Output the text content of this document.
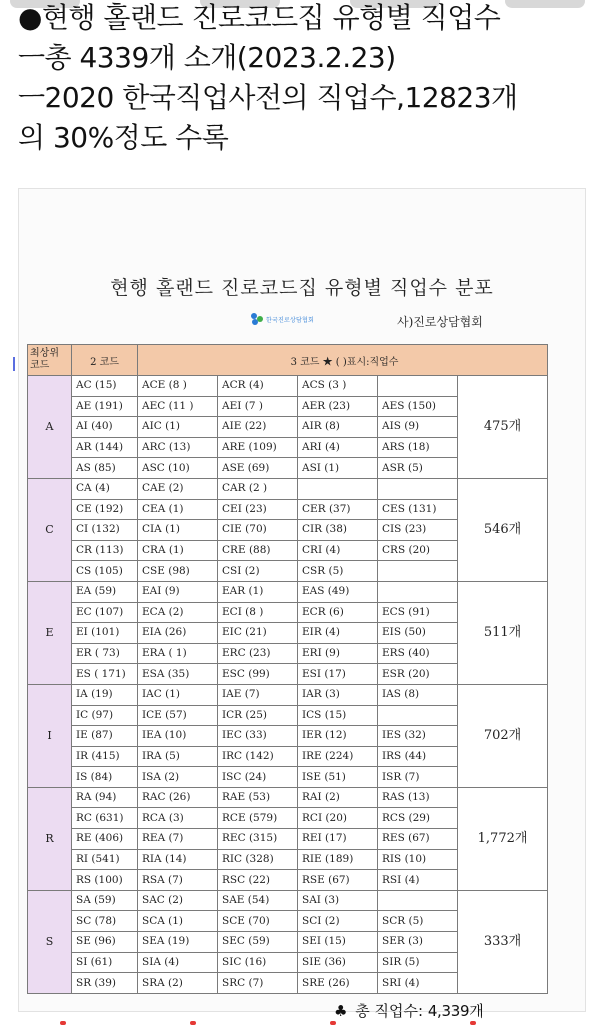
●현행 홀랜드 진로코드집 유형별 직업수
ㅡ총 4339개 소개(2023.2.23)
ㅡ2020 한국직업사전의 직업수,12823개
의 30%정도 수록
현행 홀랜드 진로코드집 유형별 직업수 분포
한국진로상담협회	사)진로상담협회
최상위
코드	2 코드	3 코드 ★ ( )표시:직업수				
A	AC (15)	ACE (8 )	ACR (4)	ACS (3 )		475개
	AE (191)	AEC (11 )	AEI (7 )	AER (23)	AES (150)	
	AI (40)	AIC (1)	AIE (22)	AIR (8)	AIS (9)	
	AR (144)	ARC (13)	ARE (109)	ARI (4)	ARS (18)	
	AS (85)	ASC (10)	ASE (69)	ASI (1)	ASR (5)	
C	CA (4)	CAE (2)	CAR (2 )			546개
	CE (192)	CEA (1)	CEI (23)	CER (37)	CES (131)	
	CI (132)	CIA (1)	CIE (70)	CIR (38)	CIS (23)	
	CR (113)	CRA (1)	CRE (88)	CRI (4)	CRS (20)	
	CS (105)	CSE (98)	CSI (2)	CSR (5)		
E	EA (59)	EAI (9)	EAR (1)	EAS (49)		511개
	EC (107)	ECA (2)	ECI (8 )	ECR (6)	ECS (91)	
	EI (101)	EIA (26)	EIC (21)	EIR (4)	EIS (50)	
	ER ( 73)	ERA ( 1)	ERC (23)	ERI (9)	ERS (40)	
	ES ( 171)	ESA (35)	ESC (99)	ESI (17)	ESR (20)	
I	IA (19)	IAC (1)	IAE (7)	IAR (3)	IAS (8)	702개
	IC (97)	ICE (57)	ICR (25)	ICS (15)		
	IE (87)	IEA (10)	IEC (33)	IER (12)	IES (32)	
	IR (415)	IRA (5)	IRC (142)	IRE (224)	IRS (44)	
	IS (84)	ISA (2)	ISC (24)	ISE (51)	ISR (7)	
R	RA (94)	RAC (26)	RAE (53)	RAI (2)	RAS (13)	1,772개
	RC (631)	RCA (3)	RCE (579)	RCI (20)	RCS (29)	
	RE (406)	REA (7)	REC (315)	REI (17)	RES (67)	
	RI (541)	RIA (14)	RIC (328)	RIE (189)	RIS (10)	
	RS (100)	RSA (7)	RSC (22)	RSE (67)	RSI (4)	
S	SA (59)	SAC (2)	SAE (54)	SAI (3)		333개
	SC (78)	SCA (1)	SCE (70)	SCI (2)	SCR (5)	
	SE (96)	SEA (19)	SEC (59)	SEI (15)	SER (3)	
	SI (61)	SIA (4)	SIC (16)	SIE (36)	SIR (5)	
	SR (39)	SRA (2)	SRC (7)	SRE (26)	SRI (4)	
♣ 총 직업수: 4,339개
